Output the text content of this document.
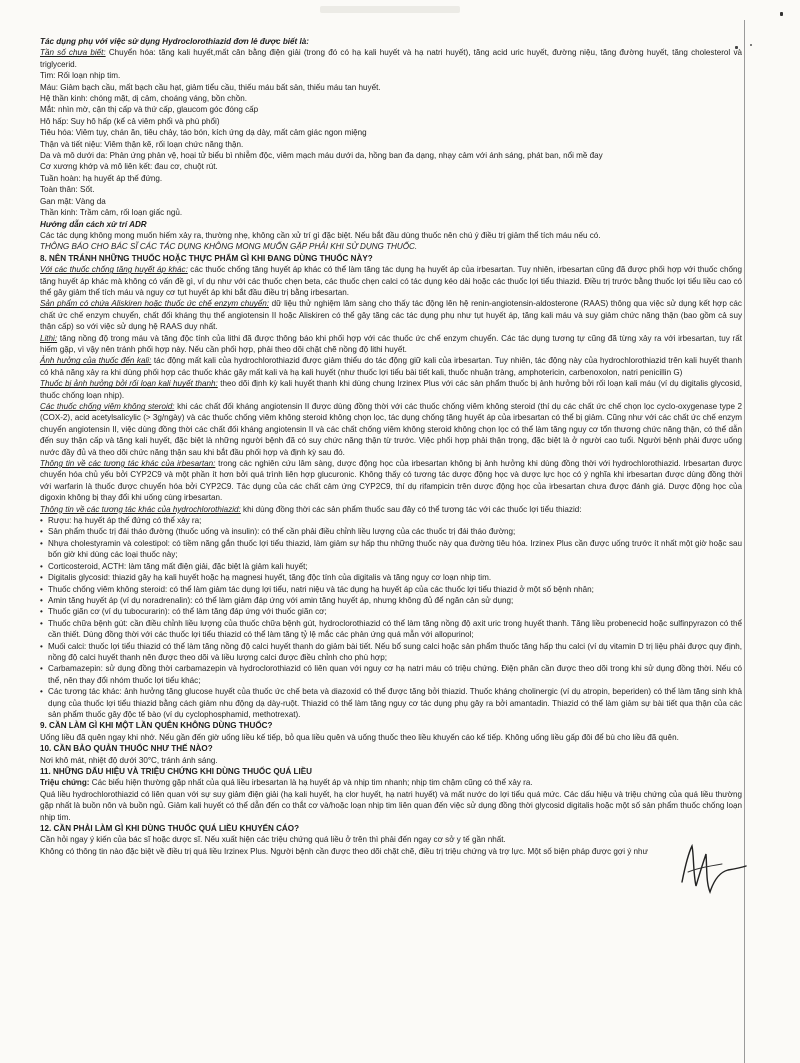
Tác dụng phụ với việc sử dụng Hydroclorothiazid đơn lẻ được biết là:

Tần số chưa biết: Chuyển hóa: tăng kali huyết,mất cân bằng điện giải (trong đó có hạ kali huyết và hạ natri huyết), tăng acid uric huyết, đường niệu, tăng đường huyết, tăng cholesterol và triglycerid.

Tim: Rối loạn nhịp tim.

Máu: Giảm bạch cầu, mất bạch cầu hạt, giảm tiểu cầu, thiếu máu bất sản, thiếu máu tan huyết.

Hệ thần kinh: chóng mặt, dị cảm, choáng váng, bồn chồn.

Mắt: nhìn mờ, cận thị cấp và thứ cấp, glaucom góc đóng cấp

Hô hấp: Suy hô hấp (kể cả viêm phổi và phù phổi)

Tiêu hóa: Viêm tụy, chán ăn, tiêu chảy, táo bón, kích ứng dạ dày, mất cảm giác ngon miệng

Thận và tiết niệu: Viêm thận kẽ, rối loạn chức năng thận.

Da và mô dưới da: Phản ứng phản vệ, hoại tử biểu bì nhiễm độc, viêm mạch máu dưới da, hồng ban đa dạng, nhạy cảm với ánh sáng, phát ban, nổi mề đay

Cơ xương khớp và mô liên kết: đau cơ, chuột rút.

Tuần hoàn: hạ huyết áp thế đứng.

Toàn thân: Sốt.

Gan mật: Vàng da

Thần kinh: Trầm cảm, rối loạn giấc ngủ.

Hướng dẫn cách xử trí ADR

Các tác dụng không mong muốn hiếm xảy ra, thường nhẹ, không cần xử trí gì đặc biệt. Nếu bắt đầu dùng thuốc nên chú ý điều trị giảm thể tích máu nếu có.

THÔNG BÁO CHO BÁC SĨ CÁC TÁC DỤNG KHÔNG MONG MUỐN GẶP PHẢI KHI SỬ DỤNG THUỐC.

8. NÊN TRÁNH NHỮNG THUỐC HOẶC THỰC PHẨM GÌ KHI ĐANG DÙNG THUỐC NÀY?

Với các thuốc chống tăng huyết áp khác: các thuốc chống tăng huyết áp khác có thể làm tăng tác dụng hạ huyết áp của irbesartan. Tuy nhiên, irbesartan cũng đã được phối hợp với thuốc chống tăng huyết áp khác mà không có vấn đề gì, ví dụ như với các thuốc chẹn beta, các thuốc chẹn calci có tác dụng kéo dài hoặc các thuốc lợi tiểu thiazid. Điều trị trước bằng thuốc lợi tiểu liều cao có thể gây giảm thể tích máu và nguy cơ tụt huyết áp khi bắt đầu điều trị bằng irbesartan.

Sản phẩm có chứa Aliskiren hoặc thuốc ức chế enzym chuyển: dữ liệu thử nghiệm lâm sàng cho thấy tác động lên hệ renin-angiotensin-aldosterone (RAAS) thông qua việc sử dụng kết hợp các chất ức chế enzym chuyển, chất đối kháng thụ thể angiotensin II hoặc Aliskiren có thể gây tăng các tác dụng phụ như tụt huyết áp, tăng kali máu và suy giảm chức năng thận (bao gồm cả suy thận cấp) so với việc sử dụng hệ RAAS duy nhất.

Lithi: tăng nồng độ trong máu và tăng độc tính của lithi đã được thông báo khi phối hợp với các thuốc ức chế enzym chuyển. Các tác dụng tương tự cũng đã từng xảy ra với irbesartan, tuy rất hiếm gặp, vì vậy nên tránh phối hợp này. Nếu cần phối hợp, phải theo dõi chặt chẽ nồng độ lithi huyết.

Ảnh hưởng của thuốc đến kali: tác động mất kali của hydrochlorothiazid được giảm thiểu do tác động giữ kali của irbesartan. Tuy nhiên, tác động này của hydrochlorothiazid trên kali huyết thanh có khả năng xảy ra khi dùng phối hợp các thuốc khác gây mất kali và hạ kali huyết (như thuốc lợi tiểu bài tiết kali, thuốc nhuận tràng, amphotericin, carbenoxolon, natri penicillin G)

Thuốc bị ảnh hưởng bởi rối loạn kali huyết thanh: theo dõi định kỳ kali huyết thanh khi dùng chung Irzinex Plus với các sản phẩm thuốc bị ảnh hưởng bởi rối loạn kali máu (ví dụ digitalis glycosid, thuốc chống loạn nhịp).

Các thuốc chống viêm không steroid: khi các chất đối kháng angiotensin II được dùng đồng thời với các thuốc chống viêm không steroid (thí dụ các chất ức chế chọn lọc cyclo-oxygenase type 2 (COX-2), acid acetylsalicylic (> 3g/ngày) và các thuốc chống viêm không steroid không chọn lọc, tác dụng chống tăng huyết áp của irbesartan có thể bị giảm. Cũng như với các chất ức chế enzym chuyển angiotensin II, việc dùng đồng thời các chất đối kháng angiotensin II và các chất chống viêm không steroid không chọn lọc có thể làm tăng nguy cơ tổn thương chức năng thận, có thể dẫn đến suy thận cấp và tăng kali huyết, đặc biệt là những người bệnh đã có suy chức năng thận từ trước. Việc phối hợp phải thận trọng, đặc biệt là ở người cao tuổi. Người bệnh phải được uống nước đầy đủ và theo dõi chức năng thận sau khi bắt đầu phối hợp và định kỳ sau đó.

Thông tin về các tương tác khác của irbesartan: trong các nghiên cứu lâm sàng, dược động học của irbesartan không bị ảnh hưởng khi dùng đồng thời với hydrochlorothiazid. Irbesartan được chuyển hóa chủ yếu bởi CYP2C9 và một phần ít hơn bởi quá trình liên hợp glucuronic. Không thấy có tương tác dược động học và dược lực học có ý nghĩa khi irbesartan được dùng đồng thời với warfarin là thuốc được chuyển hóa bởi CYP2C9. Tác dụng của các chất cảm ứng CYP2C9, thí dụ rifampicin trên dược động học của irbesartan chưa được đánh giá. Dược động học của digoxin không bị thay đổi khi uống cùng irbesartan.

Thông tin về các tương tác khác của hydrochlorothiazid: khi dùng đồng thời các sản phẩm thuốc sau đây có thể tương tác với các thuốc lợi tiểu thiazid:

• Rượu: hạ huyết áp thế đứng có thể xảy ra;
• Sản phẩm thuốc trị đái tháo đường (thuốc uống và insulin): có thể cần phải điều chỉnh liều lượng của các thuốc trị đái tháo đường;
• Nhựa cholestyramin và colestipol: có tiềm năng gắn thuốc lợi tiểu thiazid, làm giảm sự hấp thu những thuốc này qua đường tiêu hóa. Irzinex Plus cần được uống trước ít nhất một giờ hoặc sau bốn giờ khi dùng các loại thuốc này;
• Corticosteroid, ACTH: làm tăng mất điện giải, đặc biệt là giảm kali huyết;
• Digitalis glycosid: thiazid gây hạ kali huyết hoặc hạ magnesi huyết, tăng độc tính của digitalis và tăng nguy cơ loạn nhịp tim.
• Thuốc chống viêm không steroid: có thể làm giảm tác dụng lợi tiểu, natri niệu và tác dụng hạ huyết áp của các thuốc lợi tiểu thiazid ở một số bệnh nhân;
• Amin tăng huyết áp (ví dụ noradrenalin): có thể làm giảm đáp ứng với amin tăng huyết áp, nhưng không đủ để ngăn cản sử dụng;
• Thuốc giãn cơ (ví dụ tubocurarin): có thể làm tăng đáp ứng với thuốc giãn cơ;
• Thuốc chữa bệnh gút: cần điều chỉnh liều lượng của thuốc chữa bệnh gút, hydroclorothiazid có thể làm tăng nồng độ axit uric trong huyết thanh. Tăng liều probenecid hoặc sulfinpyrazon có thể cần thiết. Dùng đồng thời với các thuốc lợi tiểu thiazid có thể làm tăng tỷ lệ mắc các phản ứng quá mẫn với allopurinol;
• Muối calci: thuốc lợi tiểu thiazid có thể làm tăng nồng độ calci huyết thanh do giảm bài tiết. Nếu bổ sung calci hoặc sản phẩm thuốc tăng hấp thu calci (ví dụ vitamin D trị liệu phải được quy định, nồng độ calci huyết thanh nên được theo dõi và liều lượng calci được điều chỉnh cho phù hợp;
• Carbamazepin: sử dụng đồng thời carbamazepin và hydroclorothiazid có liên quan với nguy cơ hạ natri máu có triệu chứng. Điện phân cần được theo dõi trong khi sử dụng đồng thời. Nếu có thể, nên thay đổi nhóm thuốc lợi tiểu khác;
• Các tương tác khác: ảnh hưởng tăng glucose huyết của thuốc ức chế beta và diazoxid có thể được tăng bởi thiazid. Thuốc kháng cholinergic (ví dụ atropin, beperiden) có thể làm tăng sinh khả dụng của thuốc lợi tiểu thiazid bằng cách giảm nhu động dạ dày-ruột. Thiazid có thể làm tăng nguy cơ tác dụng phụ gây ra bởi amantadin. Thiazid có thể làm giảm sự bài tiết qua thận của các sản phẩm thuốc gây độc tế bào (ví dụ cyclophosphamid, methotrexat).

9. CẦN LÀM GÌ KHI MỘT LẦN QUÊN KHÔNG DÙNG THUỐC?

Uống liều đã quên ngay khi nhớ. Nếu gần đến giờ uống liều kế tiếp, bỏ qua liều quên và uống thuốc theo liều khuyến cáo kế tiếp. Không uống liều gấp đôi để bù cho liều đã quên.

10. CẦN BẢO QUẢN THUỐC NHƯ THẾ NÀO?

Nơi khô mát, nhiệt độ dưới 30°C, tránh ánh sáng.

11. NHỮNG DẤU HIỆU VÀ TRIỆU CHỨNG KHI DÙNG THUỐC QUÁ LIỀU

Triệu chứng: Các biểu hiện thường gặp nhất của quá liều irbesartan là hạ huyết áp và nhịp tim nhanh; nhịp tim chậm cũng có thể xảy ra.

Quá liều hydrochlorothiazid có liên quan với sự suy giảm điện giải (hạ kali huyết, hạ clor huyết, hạ natri huyết) và mất nước do lợi tiểu quá mức. Các dấu hiệu và triệu chứng của quá liều thường gặp nhất là buồn nôn và buồn ngủ. Giảm kali huyết có thể dẫn đến co thắt cơ và/hoặc loạn nhịp tim liên quan đến việc sử dụng đồng thời glycosid digitalis hoặc một số sản phẩm thuốc chống loạn nhịp tim.

12. CẦN PHẢI LÀM GÌ KHI DÙNG THUỐC QUÁ LIỀU KHUYẾN CÁO?

Cần hỏi ngay ý kiến của bác sĩ hoặc dược sĩ. Nếu xuất hiện các triệu chứng quá liều ở trên thì phải đến ngay cơ sở y tế gần nhất.

Không có thông tin nào đặc biệt về điều trị quá liều Irzinex Plus. Người bệnh cần được theo dõi chặt chẽ, điều trị triệu chứng và trợ lực. Một số biện pháp được gợi ý như
